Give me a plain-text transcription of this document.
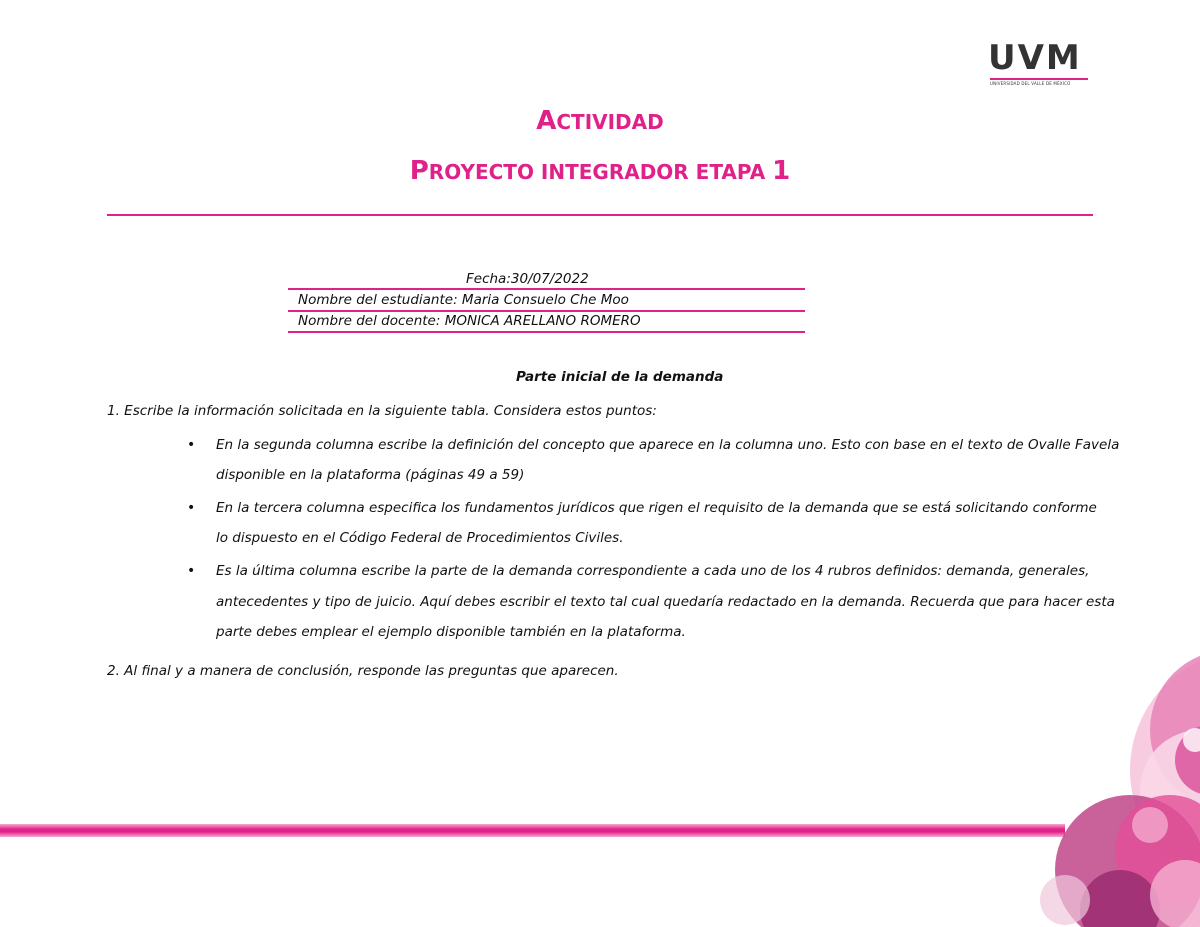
UVM
UNIVERSIDAD DEL VALLE DE MÉXICO
ACTIVIDAD
PROYECTO INTEGRADOR ETAPA 1
Fecha:30/07/2022
Nombre del estudiante: Maria Consuelo Che Moo
Nombre del docente: MONICA ARELLANO ROMERO
Parte inicial de la demanda
1. Escribe la información solicitada en la siguiente tabla. Considera estos puntos:
• En la segunda columna escribe la definición del concepto que aparece en la columna uno. Esto con base en el texto de Ovalle Favela
disponible en la plataforma (páginas 49 a 59)
• En la tercera columna especifica los fundamentos jurídicos que rigen el requisito de la demanda que se está solicitando conforme
lo dispuesto en el Código Federal de Procedimientos Civiles.
• Es la última columna escribe la parte de la demanda correspondiente a cada uno de los 4 rubros definidos: demanda, generales,
antecedentes y tipo de juicio. Aquí debes escribir el texto tal cual quedaría redactado en la demanda. Recuerda que para hacer esta
parte debes emplear el ejemplo disponible también en la plataforma.
2. Al final y a manera de conclusión, responde las preguntas que aparecen.
